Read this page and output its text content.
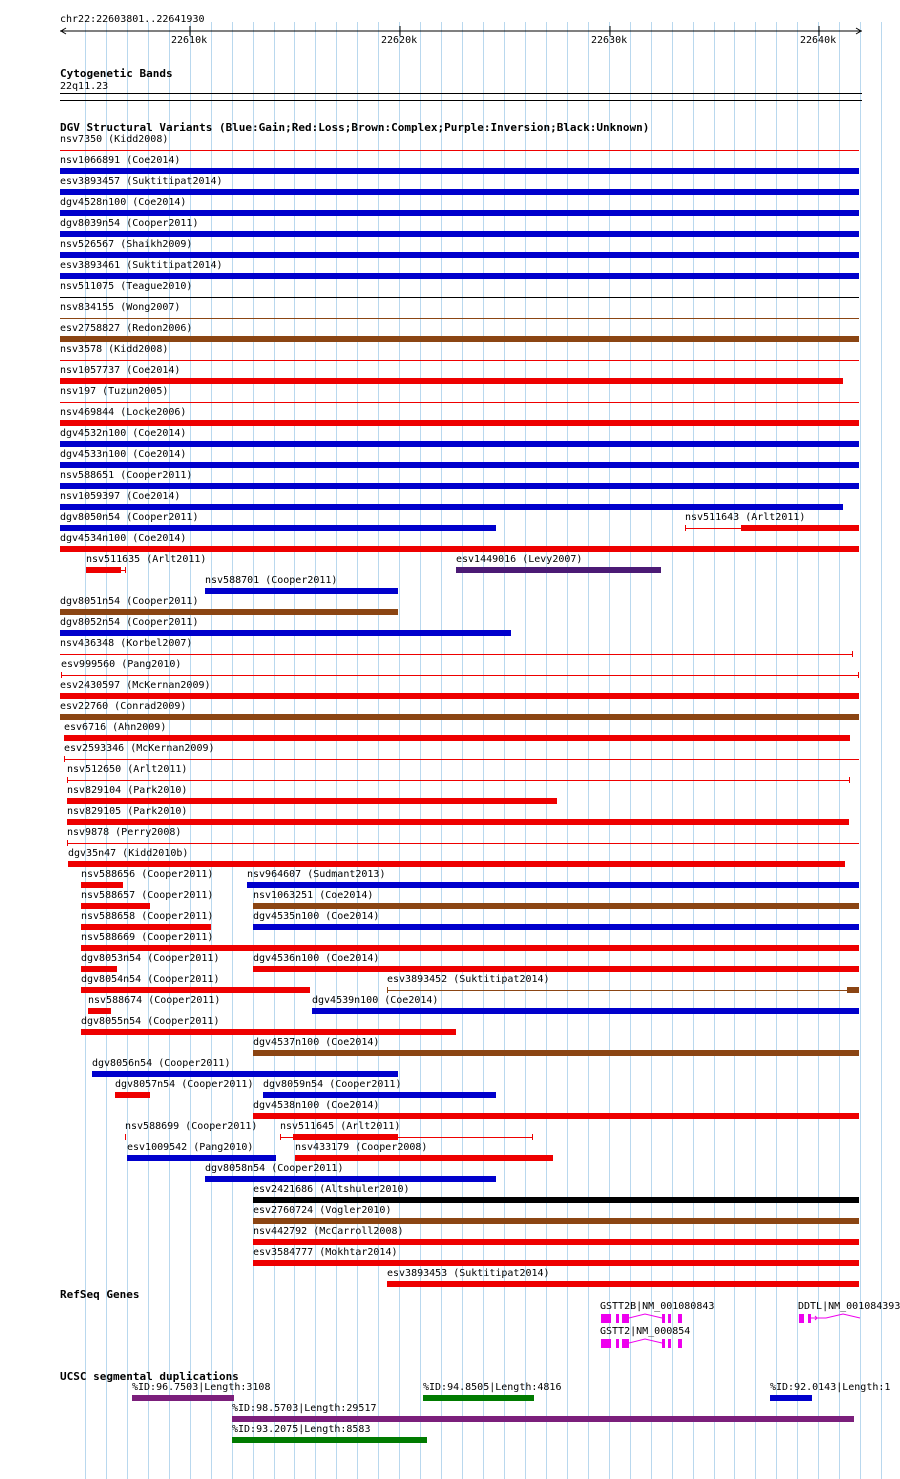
chr22:22603801..22641930
22610k	22620k	22630k	22640k
Cytogenetic Bands
22q11.23
DGV Structural Variants (Blue:Gain;Red:Loss;Brown:Complex;Purple:Inversion;Black:Unknown)
RefSeq Genes
GSTT2B|NM_001080843
GSTT2|NM_000854
DDTL|NM_001084393
UCSC segmental duplications
nsv7350 (Kidd2008)
nsv1066891 (Coe2014)
esv3893457 (Suktitipat2014)
dgv4528n100 (Coe2014)
dgv8039n54 (Cooper2011)
nsv526567 (Shaikh2009)
esv3893461 (Suktitipat2014)
nsv511075 (Teague2010)
nsv834155 (Wong2007)
esv2758827 (Redon2006)
nsv3578 (Kidd2008)
nsv1057737 (Coe2014)
nsv197 (Tuzun2005)
nsv469844 (Locke2006)
dgv4532n100 (Coe2014)
dgv4533n100 (Coe2014)
nsv588651 (Cooper2011)
nsv1059397 (Coe2014)
dgv8050n54 (Cooper2011)
dgv4534n100 (Coe2014)
nsv511635 (Arlt2011)
nsv588701 (Cooper2011)
esv1449016 (Levy2007)
dgv8051n54 (Cooper2011)
dgv8052n54 (Cooper2011)
nsv436348 (Korbel2007)
esv999560 (Pang2010)
esv2430597 (McKernan2009)
esv22760 (Conrad2009)
esv6716 (Ahn2009)
esv2593346 (McKernan2009)
nsv512650 (Arlt2011)
nsv829104 (Park2010)
nsv829105 (Park2010)
nsv9878 (Perry2008)
dgv35n47 (Kidd2010b)
nsv588656 (Cooper2011)	nsv964607 (Sudmant2013)
nsv588657 (Cooper2011)	nsv1063251 (Coe2014)
nsv588658 (Cooper2011)	dgv4535n100 (Coe2014)
nsv588669 (Cooper2011)
dgv8053n54 (Cooper2011)	dgv4536n100 (Coe2014)
dgv8054n54 (Cooper2011)
dgv4539n100 (Coe2014)
dgv8055n54 (Cooper2011)
nsv588674 (Cooper2011)
dgv4537n100 (Coe2014)
dgv8056n54 (Cooper2011)
dgv8057n54 (Cooper2011)
dgv4538n100 (Coe2014)
nsv588699 (Cooper2011)
dgv8059n54 (Cooper2011)
esv1009542 (Pang2010)
nsv511645 (Arlt2011)
dgv8058n54 (Cooper2011)
esv2421686 (Altshuler2010)
esv2760724 (Vogler2010)
nsv442792 (McCarroll2008)
esv3584777 (Mokhtar2014)
nsv433179 (Cooper2008)
esv3893452 (Suktitipat2014)
esv3893453 (Suktitipat2014)
nsv511643 (Arlt2011)
%ID:96.7503|Length:3108	%ID:94.8505|Length:4816	%ID:92.0143|Length:1
%ID:98.5703|Length:29517
%ID:93.2075|Length:8583
